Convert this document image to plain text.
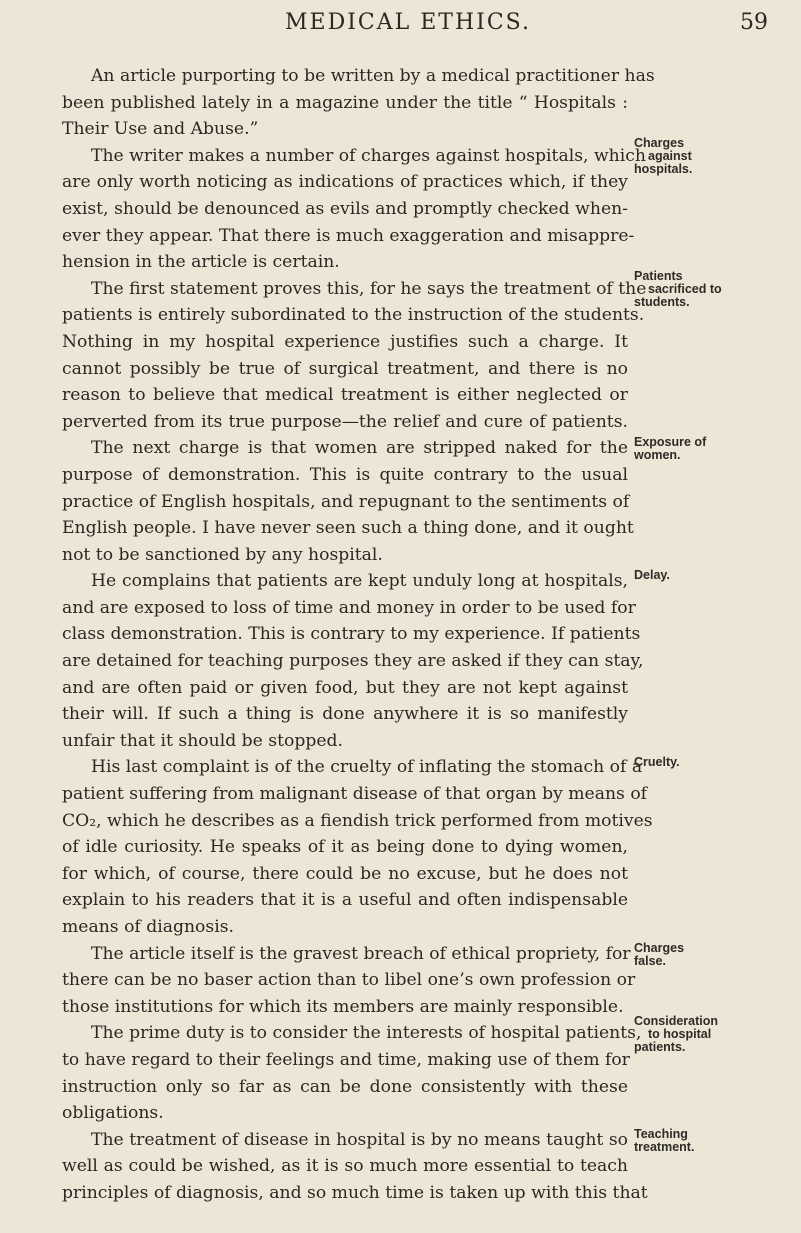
MEDICAL ETHICS.	59
An article purporting to be written by a medical practitioner has
been published lately in a magazine under the title “ Hospitals :
Their Use and Abuse.”
The writer makes a number of charges against hospitals, which
are only worth noticing as indications of practices which, if they
exist, should be denounced as evils and promptly checked when-
ever they appear. That there is much exaggeration and misappre-
hension in the article is certain.
The first statement proves this, for he says the treatment of the
patients is entirely subordinated to the instruction of the students.
Nothing in my hospital experience justifies such a charge. It
cannot possibly be true of surgical treatment, and there is no
reason to believe that medical treatment is either neglected or
perverted from its true purpose—the relief and cure of patients.
The next charge is that women are stripped naked for the
purpose of demonstration. This is quite contrary to the usual
practice of English hospitals, and repugnant to the sentiments of
English people. I have never seen such a thing done, and it ought
not to be sanctioned by any hospital.
He complains that patients are kept unduly long at hospitals,
and are exposed to loss of time and money in order to be used for
class demonstration. This is contrary to my experience. If patients
are detained for teaching purposes they are asked if they can stay,
and are often paid or given food, but they are not kept against
their will. If such a thing is done anywhere it is so manifestly
unfair that it should be stopped.
His last complaint is of the cruelty of inflating the stomach of a
patient suffering from malignant disease of that organ by means of
CO₂, which he describes as a fiendish trick performed from motives
of idle curiosity. He speaks of it as being done to dying women,
for which, of course, there could be no excuse, but he does not
explain to his readers that it is a useful and often indispensable
means of diagnosis.
The article itself is the gravest breach of ethical propriety, for
there can be no baser action than to libel one’s own profession or
those institutions for which its members are mainly responsible.
The prime duty is to consider the interests of hospital patients,
to have regard to their feelings and time, making use of them for
instruction only so far as can be done consistently with these
obligations.
The treatment of disease in hospital is by no means taught so
well as could be wished, as it is so much more essential to teach
principles of diagnosis, and so much time is taken up with this that
Charges
against
hospitals.
Patients
sacrificed to
students.
Exposure of
women.
Delay.
Cruelty.
Charges
false.
Consideration
to hospital
patients.
Teaching
treatment.
